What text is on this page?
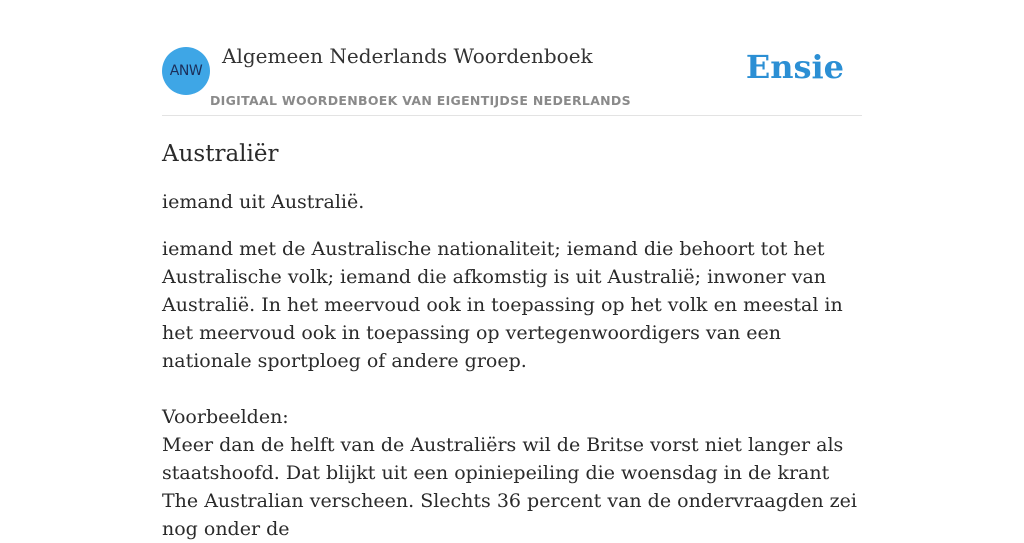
ANW
Algemeen Nederlands Woordenboek
DIGITAAL WOORDENBOEK VAN EIGENTIJDSE NEDERLANDS
Ensie
Australiër

iemand uit Australië.

iemand met de Australische nationaliteit; iemand die behoort tot het Australische volk; iemand die afkomstig is uit Australië; inwoner van Australië. In het meervoud ook in toepassing op het volk en meestal in het meervoud ook in toepassing op vertegenwoordigers van een nationale sportploeg of andere groep.

Voorbeelden:

Meer dan de helft van de Australiërs wil de Britse vorst niet langer als staatshoofd. Dat blijkt uit een opiniepeiling die woensdag in de krant The Australian verscheen. Slechts 36 percent van de ondervraagden zei nog onder de
